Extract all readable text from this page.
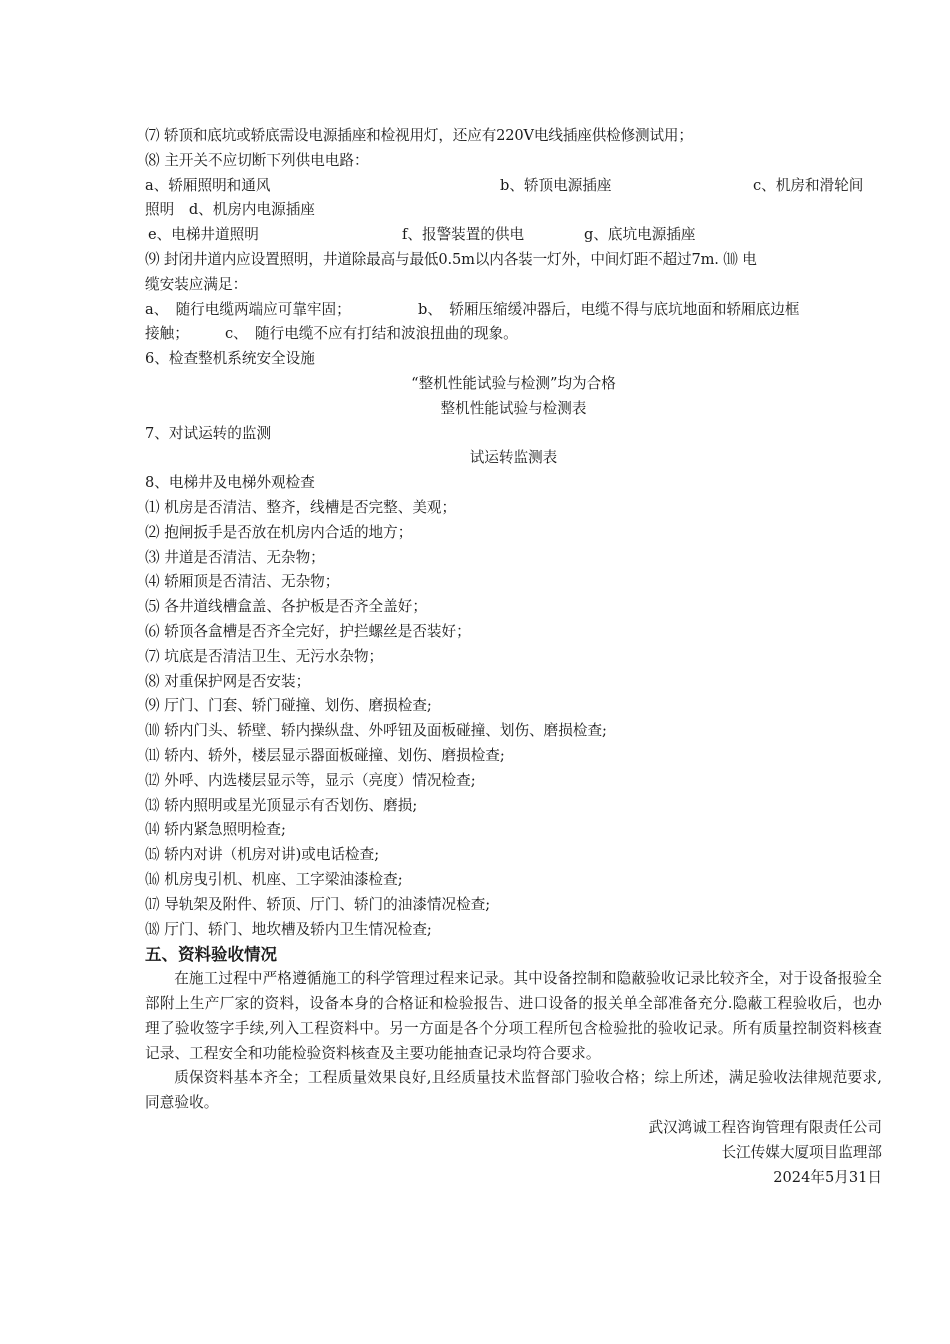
⑺ 轿顶和底坑或轿底需设电源插座和检视用灯，还应有220V电线插座供检修测试用；
⑻ 主开关不应切断下列供电电路：
a、轿厢照明和通风	b、轿顶电源插座	c、机房和滑轮间
照明　 d、机房内电源插座
e、电梯井道照明	f、报警装置的供电	g、底坑电源插座
⑼ 封闭井道内应设置照明，井道除最高与最低0.5m以内各装一灯外，中间灯距不超过7m. ⑽ 电
缆安装应满足：
a、　随行电缆两端应可靠牢固；	b、　轿厢压缩缓冲器后，电缆不得与底坑地面和轿厢底边框
接触； c、　随行电缆不应有打结和波浪扭曲的现象。
6、检查整机系统安全设施
“整机性能试验与检测”均为合格
整机性能试验与检测表
7、对试运转的监测
试运转监测表
8、电梯井及电梯外观检查
⑴ 机房是否清洁、整齐，线槽是否完整、美观；
⑵ 抱闸扳手是否放在机房内合适的地方；
⑶ 井道是否清洁、无杂物；
⑷ 轿厢顶是否清洁、无杂物；
⑸ 各井道线槽盒盖、各护板是否齐全盖好；
⑹ 轿顶各盒槽是否齐全完好，护拦螺丝是否装好；
⑺ 坑底是否清洁卫生、无污水杂物；
⑻ 对重保护网是否安装；
⑼ 厅门、门套、轿门碰撞、划伤、磨损检查;
⑽ 轿内门头、轿壁、轿内操纵盘、外呼钮及面板碰撞、划伤、磨损检查;
⑾ 轿内、轿外，楼层显示器面板碰撞、划伤、磨损检查;
⑿ 外呼、内选楼层显示等，显示（亮度）情况检查;
⒀ 轿内照明或星光顶显示有否划伤、磨损;
⒁ 轿内紧急照明检查;
⒂ 轿内对讲（机房对讲)或电话检查;
⒃ 机房曳引机、机座、工字梁油漆检查;
⒄ 导轨架及附件、轿顶、厅门、轿门的油漆情况检查;
⒅ 厅门、轿门、地坎槽及轿内卫生情况检查;
五、资料验收情况
在施工过程中严格遵循施工的科学管理过程来记录。其中设备控制和隐蔽验收记录比较齐全，对于设备报验全部附上生产厂家的资料，设备本身的合格证和检验报告、进口设备的报关单全部准备充分.隐蔽工程验收后，也办理了验收签字手续,列入工程资料中。另一方面是各个分项工程所包含检验批的验收记录。所有质量控制资料核查记录、工程安全和功能检验资料核查及主要功能抽查记录均符合要求。
质保资料基本齐全；工程质量效果良好,且经质量技术监督部门验收合格；综上所述，满足验收法律规范要求,同意验收。
武汉鸿诚工程咨询管理有限责任公司
长江传媒大厦项目监理部
2024年5月31日
